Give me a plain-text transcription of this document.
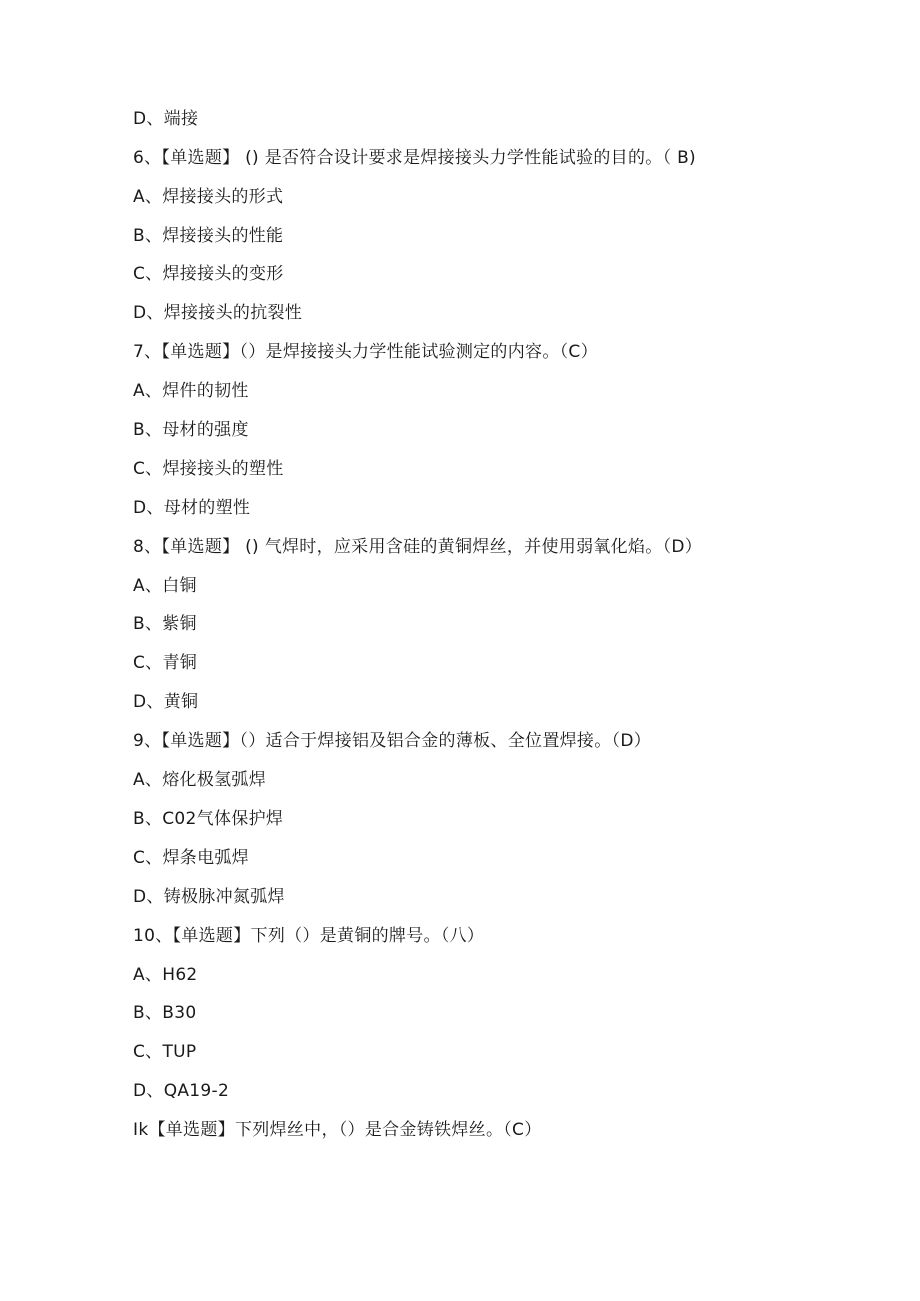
D、端接
6、【单选题】 () 是否符合设计要求是焊接接头力学性能试验的目的。（ B)
A、焊接接头的形式
B、焊接接头的性能
C、焊接接头的变形
D、焊接接头的抗裂性
7、【单选题】（）是焊接接头力学性能试验测定的内容。（C）
A、焊件的韧性
B、母材的强度
C、焊接接头的塑性
D、母材的塑性
8、【单选题】 () 气焊时，应采用含硅的黄铜焊丝，并使用弱氧化焰。（D）
A、白铜
B、紫铜
C、青铜
D、黄铜
9、【单选题】（）适合于焊接铝及铝合金的薄板、全位置焊接。（D）
A、熔化极氢弧焊
B、C02气体保护焊
C、焊条电弧焊
D、铸极脉冲氮弧焊
10、【单选题】下列（）是黄铜的牌号。（八）
A、H62
B、B30
C、TUP
D、QA19-2
Ik【单选题】下列焊丝中，（）是合金铸铁焊丝。（C）
